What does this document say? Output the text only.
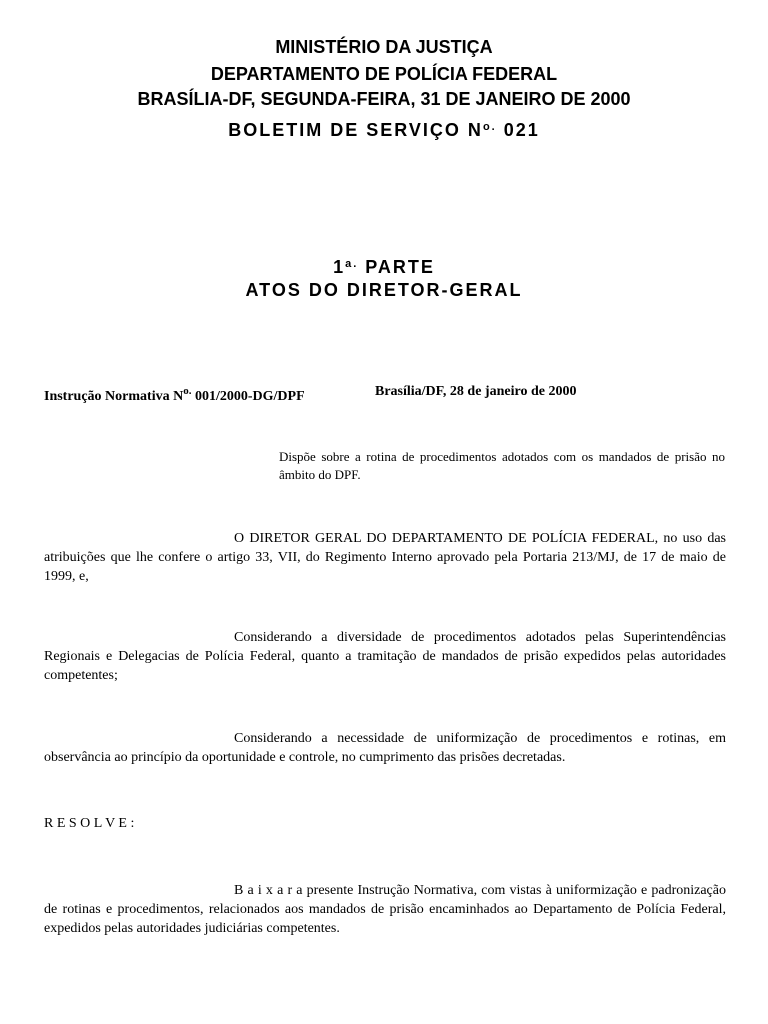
MINISTÉRIO DA JUSTIÇA

DEPARTAMENTO DE POLÍCIA FEDERAL

BRASÍLIA-DF, SEGUNDA-FEIRA, 31 DE JANEIRO DE 2000

BOLETIM DE SERVIÇO $N^{o.}$ 021

$1^{a.}$ PARTE

ATOS DO DIRETOR-GERAL

Instrução Normativa $N^{o.}$ 001/2000-DG/DPF	Brasília/DF, 28 de janeiro de 2000

Dispõe sobre a rotina de procedimentos adotados com os mandados de prisão no âmbito do DPF.

O DIRETOR GERAL DO DEPARTAMENTO DE POLÍCIA FEDERAL, no uso das atribuições que lhe confere o artigo 33, VII, do Regimento Interno aprovado pela Portaria 213/MJ, de 17 de maio de 1999, e,

Considerando a diversidade de procedimentos adotados pelas Superintendências Regionais e Delegacias de Polícia Federal, quanto a tramitação de mandados de prisão expedidos pelas autoridades competentes;

Considerando a necessidade de uniformização de procedimentos e rotinas, em observância ao princípio da oportunidade e controle, no cumprimento das prisões decretadas.

R E S O L V E :

B a i x a r a presente Instrução Normativa, com vistas à uniformização e padronização de rotinas e procedimentos, relacionados aos mandados de prisão encaminhados ao Departamento de Polícia Federal, expedidos pelas autoridades judiciárias competentes.
